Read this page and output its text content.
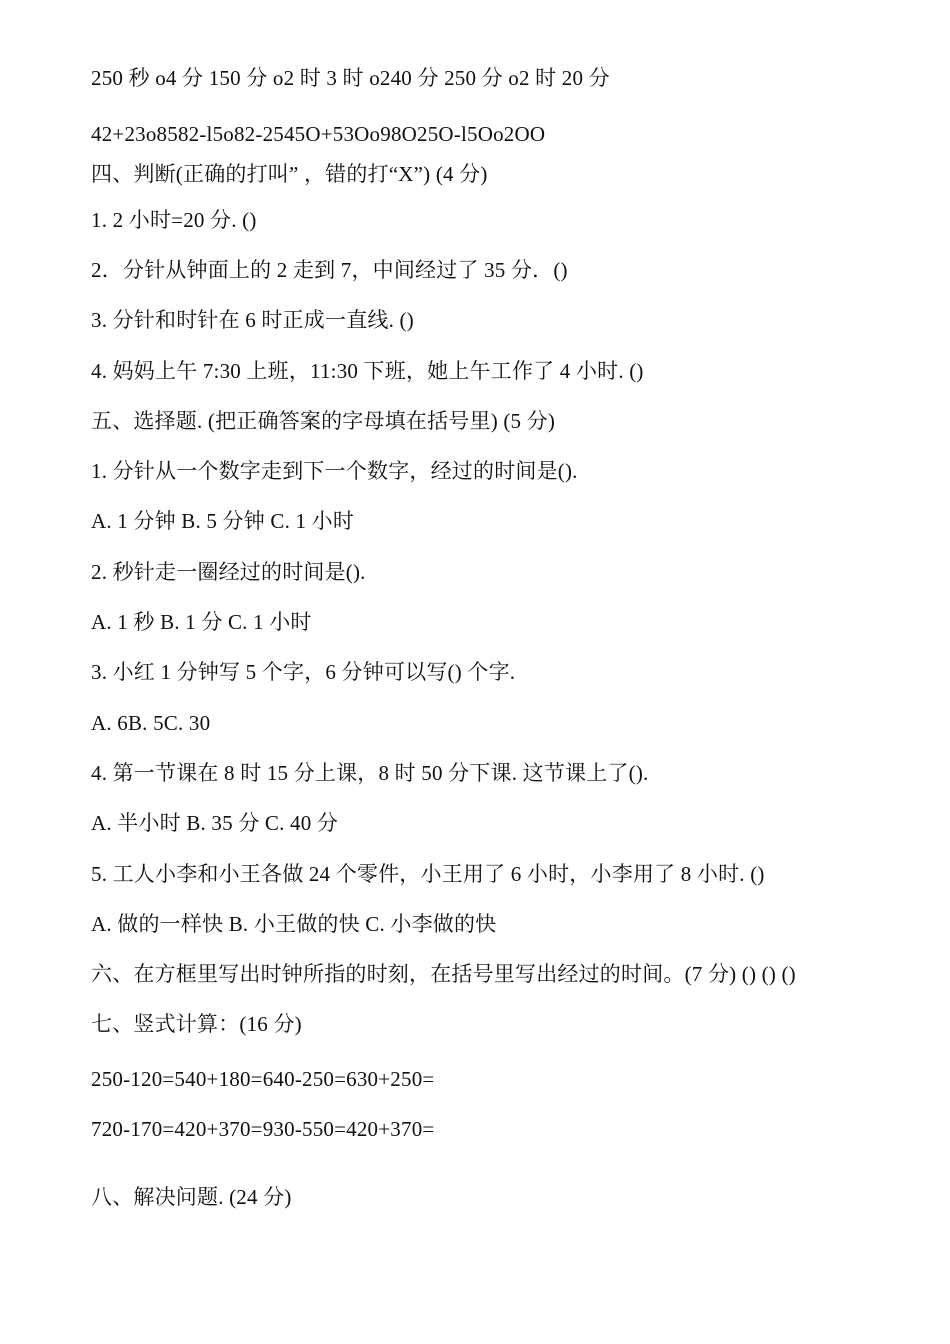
250 秒 o4 分 150 分 o2 时 3 时 o240 分 250 分 o2 时 20 分
42+23o8582-l5o82-2545O+53Oo98O25O-l5Oo2OO
四、判断(正确的打叫” ，错的打“X”) (4 分)
1. 2 小时=20 分. ()
2．分针从钟面上的 2 走到 7，中间经过了 35 分．()
3. 分针和时针在 6 时正成一直线. ()
4. 妈妈上午 7:30 上班，11:30 下班，她上午工作了 4 小时. ()
五、选择题. (把正确答案的字母填在括号里) (5 分)
1. 分针从一个数字走到下一个数字，经过的时间是().
A. 1 分钟 B. 5 分钟 C. 1 小时
2. 秒针走一圈经过的时间是().
A. 1 秒 B. 1 分 C. 1 小时
3. 小红 1 分钟写 5 个字，6 分钟可以写() 个字.
A. 6B. 5C. 30
4. 第一节课在 8 时 15 分上课，8 时 50 分下课. 这节课上了().
A. 半小时 B. 35 分 C. 40 分
5. 工人小李和小王各做 24 个零件，小王用了 6 小时，小李用了 8 小时. ()
A. 做的一样快 B. 小王做的快 C. 小李做的快
六、在方框里写出时钟所指的时刻，在括号里写出经过的时间。(7 分) () () ()
七、竖式计算：(16 分)
250-120=540+180=640-250=630+250=
720-170=420+370=930-550=420+370=
八、解决问题. (24 分)
